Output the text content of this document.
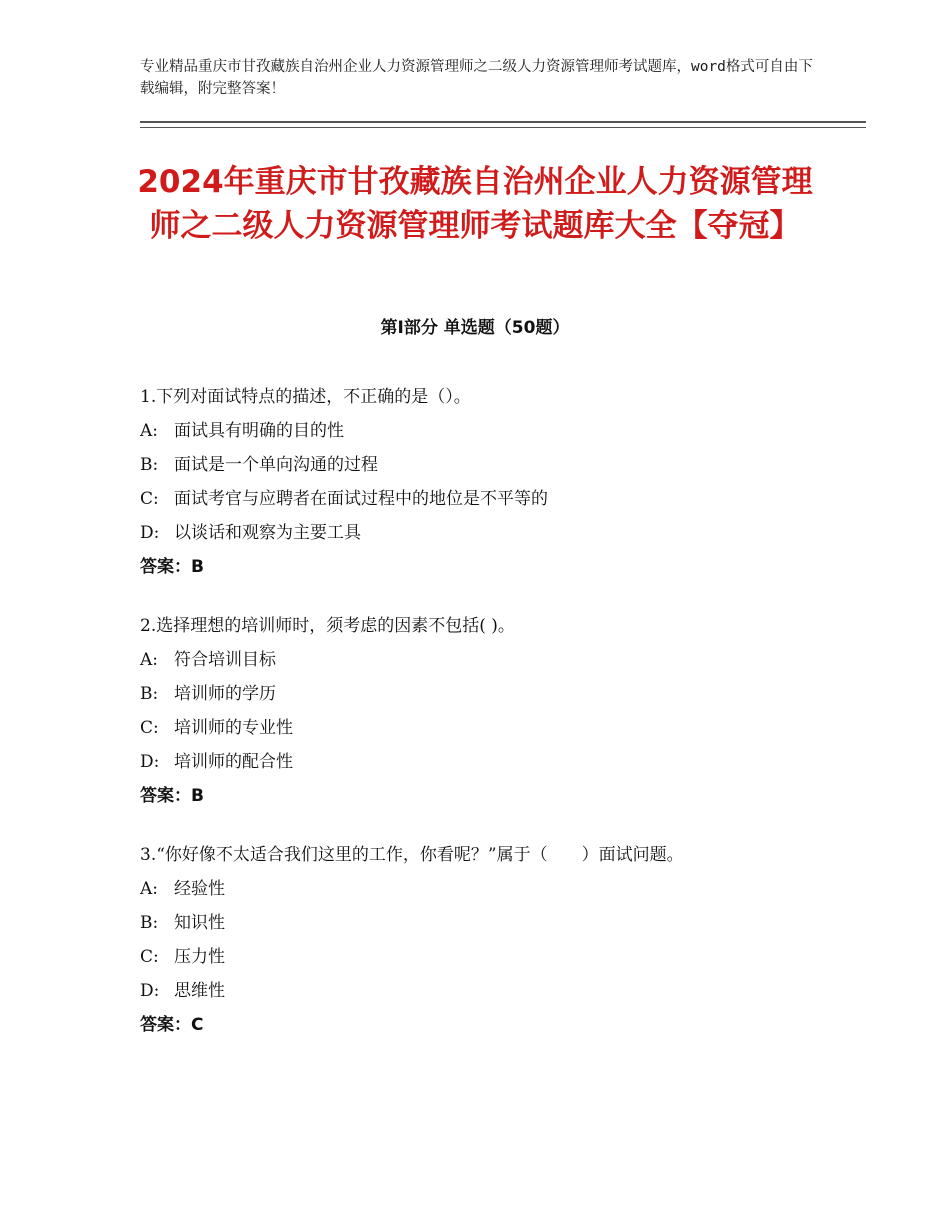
专业精品重庆市甘孜藏族自治州企业人力资源管理师之二级人力资源管理师考试题库，word格式可自由下载编辑，附完整答案！
2024年重庆市甘孜藏族自治州企业人力资源管理师之二级人力资源管理师考试题库大全【夺冠】
第Ⅰ部分 单选题（50题）

1.下列对面试特点的描述，不正确的是（）。

A: 面试具有明确的目的性

B: 面试是一个单向沟通的过程

C: 面试考官与应聘者在面试过程中的地位是不平等的

D: 以谈话和观察为主要工具

答案：B

2.选择理想的培训师时，须考虑的因素不包括( )。

A: 符合培训目标

B: 培训师的学历

C: 培训师的专业性

D: 培训师的配合性

答案：B

3.“你好像不太适合我们这里的工作，你看呢？”属于（　　）面试问题。

A: 经验性

B: 知识性

C: 压力性

D: 思维性

答案：C
